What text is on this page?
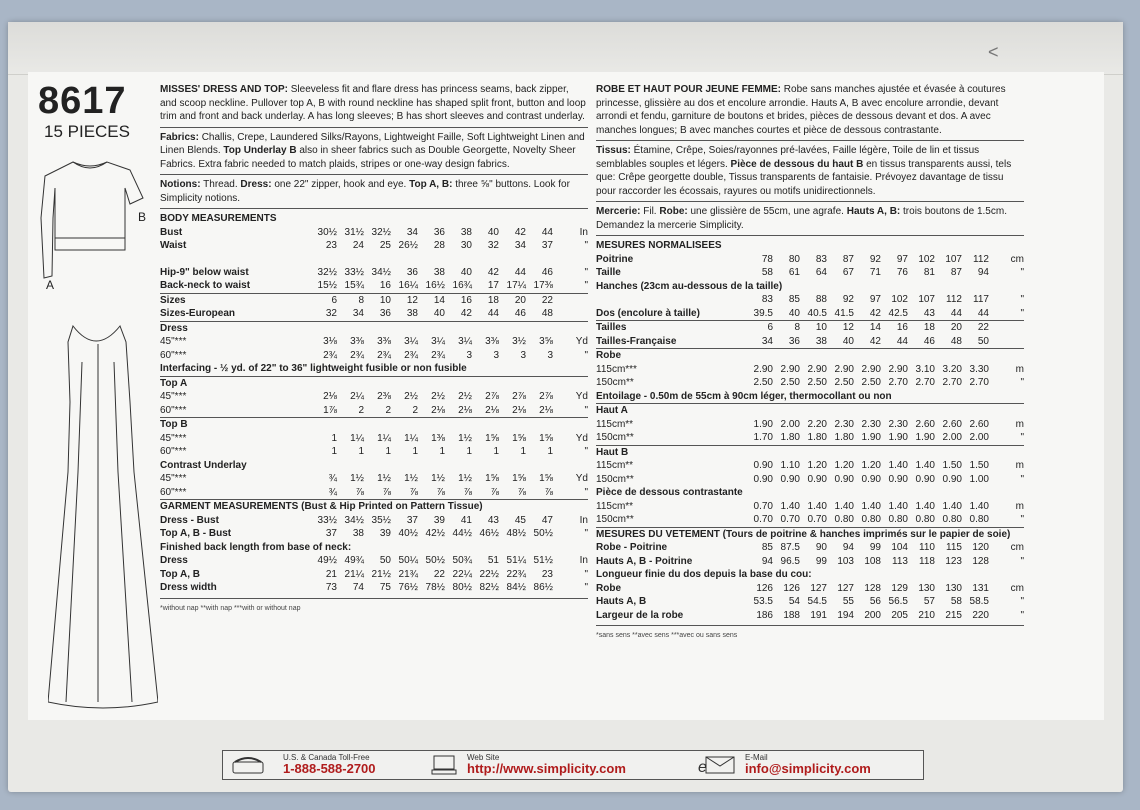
<
8617
15 PIECES
B
A

MISSES' DRESS AND TOP: Sleeveless fit and flare dress has princess seams, back zipper, and scoop neckline. Pullover top A, B with round neckline has shaped split front, button and loop trim and front and back underlay. A has long sleeves; B has short sleeves and contrast underlay.

Fabrics: Challis, Crepe, Laundered Silks/Rayons, Lightweight Faille, Soft Lightweight Linen and Linen Blends. Top Underlay B also in sheer fabrics such as Double Georgette, Novelty Sheer Fabrics. Extra fabric needed to match plaids, stripes or one-way design fabrics.

Notions: Thread. Dress: one 22" zipper, hook and eye. Top A, B: three ⅝" buttons. Look for Simplicity notions.

BODY MEASUREMENTS										
Bust	30½	31½	32½	34	36	38	40	42	44	In
Waist	23	24	25	26½	28	30	32	34	37	"

Hip-9" below waist	32½	33½	34½	36	38	40	42	44	46	"
Back-neck to waist	15½	15¾	16	16¼	16½	16¾	17	17¼	17⅜	"
Sizes	6	8	10	12	14	16	18	20	22	
Sizes-European	32	34	36	38	40	42	44	46	48	
Dress										
45"***	3⅛	3⅜	3⅜	3¼	3¼	3¼	3⅜	3½	3⅝	Yd
60"***	2¾	2¾	2¾	2¾	2¾	3	3	3	3	"
Interfacing - ½ yd. of 22" to 36" lightweight fusible or non fusible										
Top A										
45"***	2⅛	2¼	2⅜	2½	2½	2½	2⅞	2⅞	2⅞	Yd
60"***	1⅞	2	2	2	2⅛	2⅛	2⅛	2⅛	2⅛	"
Top B										
45"***	1	1¼	1¼	1¼	1⅜	1½	1⅝	1⅝	1⅝	Yd
60"***	1	1	1	1	1	1	1	1	1	"
Contrast Underlay										
45"***	¾	1½	1½	1½	1½	1½	1⅝	1⅝	1⅝	Yd
60"***	¾	⅞	⅞	⅞	⅞	⅞	⅞	⅞	⅞	"
GARMENT MEASUREMENTS (Bust & Hip Printed on Pattern Tissue)										
Dress - Bust	33½	34½	35½	37	39	41	43	45	47	In
Top A, B - Bust	37	38	39	40½	42½	44½	46½	48½	50½	"
Finished back length from base of neck:										
Dress	49½	49¾	50	50¼	50½	50¾	51	51¼	51½	In
Top A, B	21	21¼	21½	21¾	22	22¼	22½	22¾	23	"
Dress width	73	74	75	76½	78½	80½	82½	84½	86½	"
*without nap **with nap ***with or without nap

ROBE ET HAUT POUR JEUNE FEMME: Robe sans manches ajustée et évasée à coutures princesse, glissière au dos et encolure arrondie. Hauts A, B avec encolure arrondie, devant arrondi et fendu, garniture de boutons et brides, pièces de dessous devant et dos. A avec manches longues; B avec manches courtes et pièce de dessous contrastante.

Tissus: Étamine, Crêpe, Soies/rayonnes pré-lavées, Faille légère, Toile de lin et tissus semblables souples et légers. Pièce de dessous du haut B en tissus transparents aussi, tels que: Crêpe georgette double, Tissus transparents de fantaisie. Prévoyez davantage de tissu pour raccorder les écossais, rayures ou motifs unidirectionnels.

Mercerie: Fil. Robe: une glissière de 55cm, une agrafe. Hauts A, B: trois boutons de 1.5cm. Demandez la mercerie Simplicity.

MESURES NORMALISEES										
Poitrine	78	80	83	87	92	97	102	107	112	cm
Taille	58	61	64	67	71	76	81	87	94	"
Hanches (23cm au-dessous de la taille)										
	83	85	88	92	97	102	107	112	117	"
Dos (encolure à taille)	39.5	40	40.5	41.5	42	42.5	43	44	44	"
Tailles	6	8	10	12	14	16	18	20	22	
Tailles-Française	34	36	38	40	42	44	46	48	50	
Robe										
115cm***	2.90	2.90	2.90	2.90	2.90	2.90	3.10	3.20	3.30	m
150cm**	2.50	2.50	2.50	2.50	2.50	2.70	2.70	2.70	2.70	"
Entoilage - 0.50m de 55cm à 90cm léger, thermocollant ou non										
Haut A										
115cm**	1.90	2.00	2.20	2.30	2.30	2.30	2.60	2.60	2.60	m
150cm**	1.70	1.80	1.80	1.80	1.90	1.90	1.90	2.00	2.00	"
Haut B										
115cm**	0.90	1.10	1.20	1.20	1.20	1.40	1.40	1.50	1.50	m
150cm**	0.90	0.90	0.90	0.90	0.90	0.90	0.90	0.90	1.00	"
Pièce de dessous contrastante										
115cm**	0.70	1.40	1.40	1.40	1.40	1.40	1.40	1.40	1.40	m
150cm**	0.70	0.70	0.70	0.80	0.80	0.80	0.80	0.80	0.80	"
MESURES DU VETEMENT (Tours de poitrine & hanches imprimés sur le papier de soie)										
Robe - Poitrine	85	87.5	90	94	99	104	110	115	120	cm
Hauts A, B - Poitrine	94	96.5	99	103	108	113	118	123	128	"
Longueur finie du dos depuis la base du cou:										
Robe	126	126	127	127	128	129	130	130	131	cm
Hauts A, B	53.5	54	54.5	55	56	56.5	57	58	58.5	"
Largeur de la robe	186	188	191	194	200	205	210	215	220	"
*sans sens **avec sens ***avec ou sans sens
U.S. & Canada Toll-Free
1-888-588-2700
Web Site
http://www.simplicity.com	e
E-Mail
info@simplicity.com
